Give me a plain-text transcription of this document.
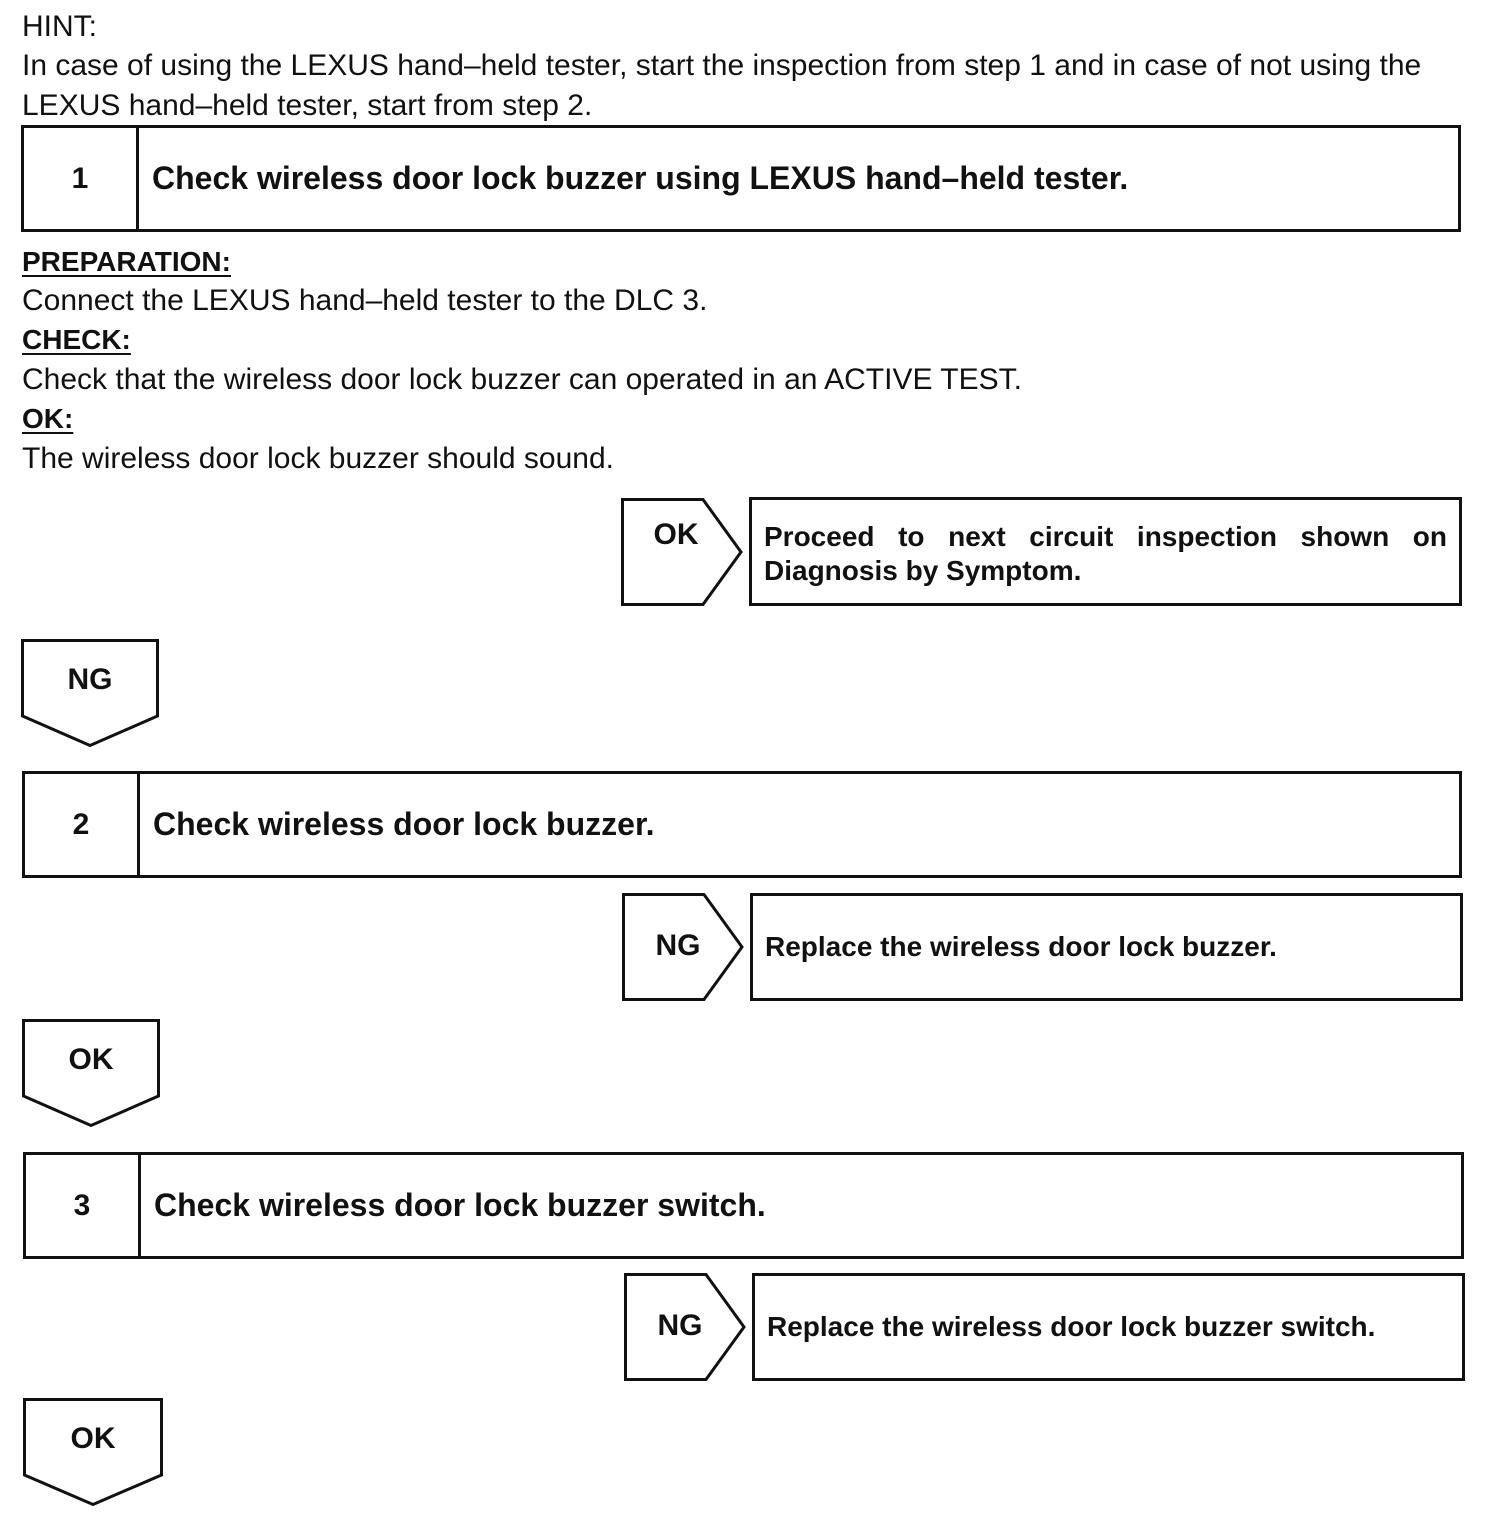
HINT:
In case of using the LEXUS hand–held tester, start the inspection from step 1 and in case of not using the
LEXUS hand–held tester, start from step 2.
1	Check wireless door lock buzzer using LEXUS hand–held tester.
PREPARATION:
Connect the LEXUS hand–held tester to the DLC 3.
CHECK:
Check that the wireless door lock buzzer can operated in an ACTIVE TEST.
OK:
The wireless door lock buzzer should sound.
OK	Proceed to next circuit inspection shown on Diagnosis by Symptom.
NG
2	Check wireless door lock buzzer.
NG	Replace the wireless door lock buzzer.
OK
3	Check wireless door lock buzzer switch.
NG	Replace the wireless door lock buzzer switch.
OK
